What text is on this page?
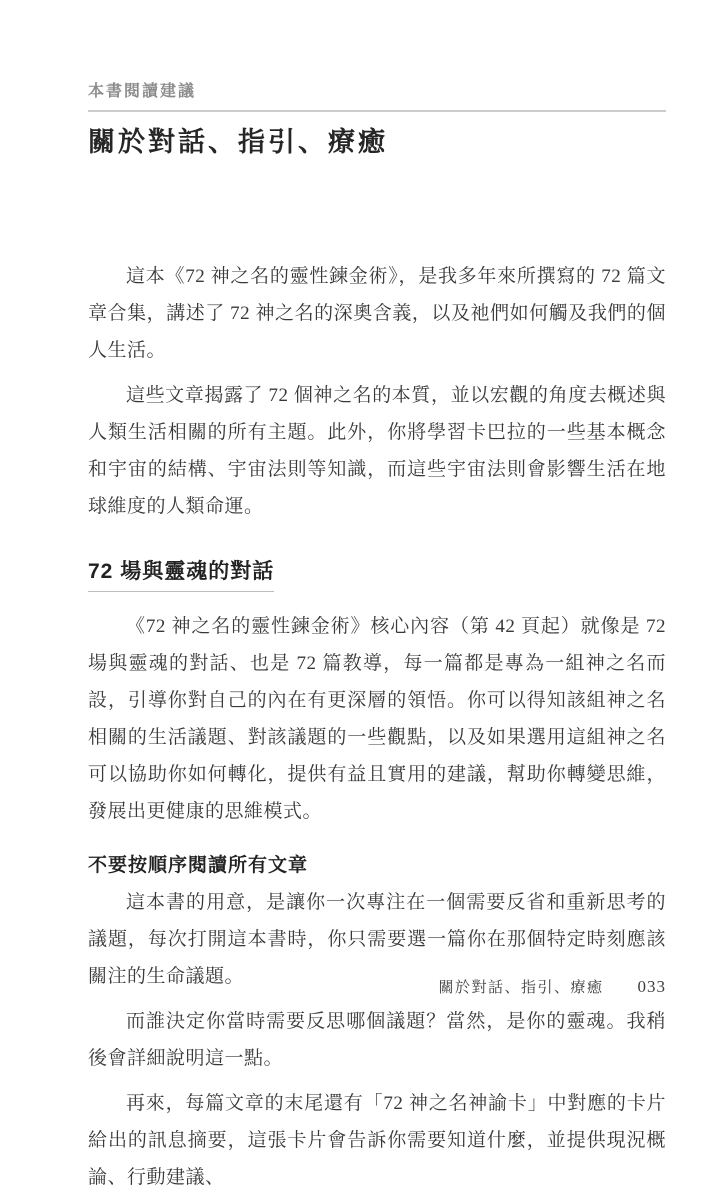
本書閱讀建議
關於對話、指引、療癒

這本《72 神之名的靈性鍊金術》，是我多年來所撰寫的 72 篇文章合集，講述了 72 神之名的深奧含義，以及祂們如何觸及我們的個人生活。

這些文章揭露了 72 個神之名的本質，並以宏觀的角度去概述與人類生活相關的所有主題。此外，你將學習卡巴拉的一些基本概念和宇宙的結構、宇宙法則等知識，而這些宇宙法則會影響生活在地球維度的人類命運。

72 場與靈魂的對話

《72 神之名的靈性鍊金術》核心內容（第 42 頁起）就像是 72 場與靈魂的對話、也是 72 篇教導，每一篇都是專為一組神之名而設，引導你對自己的內在有更深層的領悟。你可以得知該組神之名相關的生活議題、對該議題的一些觀點，以及如果選用這組神之名可以協助你如何轉化，提供有益且實用的建議，幫助你轉變思維，發展出更健康的思維模式。

不要按順序閱讀所有文章

這本書的用意，是讓你一次專注在一個需要反省和重新思考的議題，每次打開這本書時，你只需要選一篇你在那個特定時刻應該關注的生命議題。

而誰決定你當時需要反思哪個議題？當然，是你的靈魂。我稍後會詳細說明這一點。

再來，每篇文章的末尾還有「72 神之名神諭卡」中對應的卡片給出的訊息摘要，這張卡片會告訴你需要知道什麼，並提供現況概論、行動建議、

關於對話、指引、療癒 033
